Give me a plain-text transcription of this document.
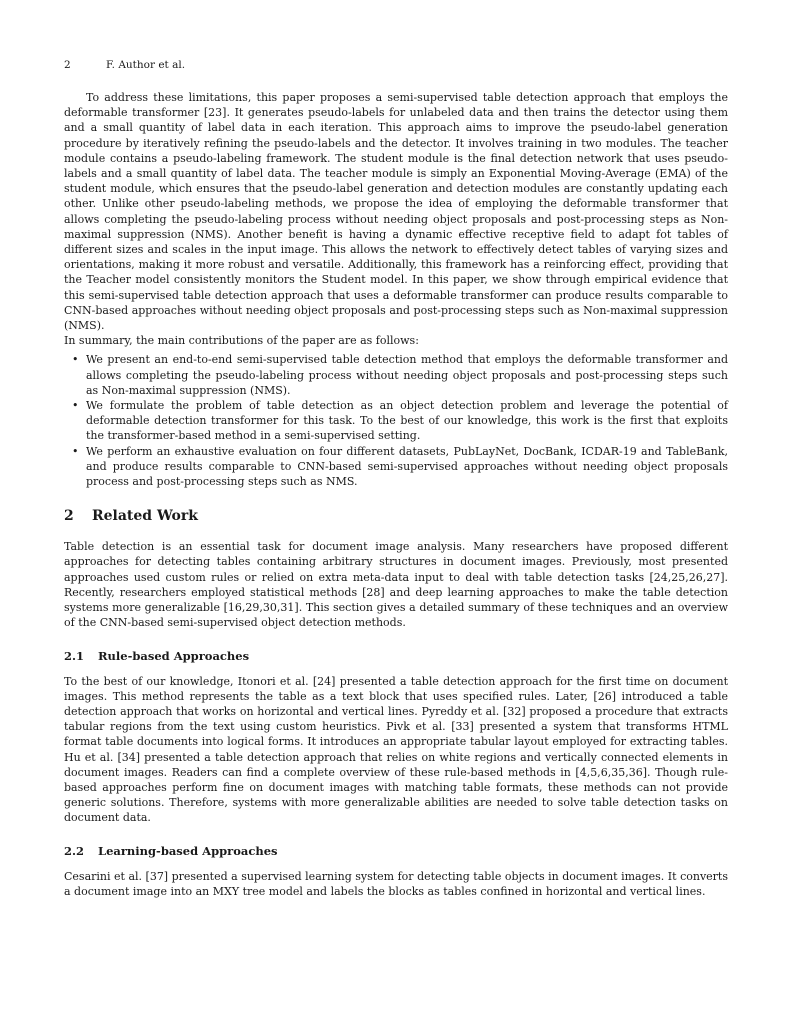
2	F. Author et al.

To address these limitations, this paper proposes a semi-supervised table detection approach that employs the deformable transformer [23]. It generates pseudo-labels for unlabeled data and then trains the detector using them and a small quantity of label data in each iteration. This approach aims to improve the pseudo-label generation procedure by iteratively refining the pseudo-labels and the detector. It involves training in two modules. The teacher module contains a pseudo-labeling framework. The student module is the final detection network that uses pseudo-labels and a small quantity of label data. The teacher module is simply an Exponential Moving-Average (EMA) of the student module, which ensures that the pseudo-label generation and detection modules are constantly updating each other. Unlike other pseudo-labeling methods, we propose the idea of employing the deformable transformer that allows completing the pseudo-labeling process without needing object proposals and post-processing steps as Non-maximal suppression (NMS). Another benefit is having a dynamic effective receptive field to adapt fot tables of different sizes and scales in the input image. This allows the network to effectively detect tables of varying sizes and orientations, making it more robust and versatile. Additionally, this framework has a reinforcing effect, providing that the Teacher model consistently monitors the Student model. In this paper, we show through empirical evidence that this semi-supervised table detection approach that uses a deformable transformer can produce results comparable to CNN-based approaches without needing object proposals and post-processing steps such as Non-maximal suppression (NMS).

In summary, the main contributions of the paper are as follows:

• We present an end-to-end semi-supervised table detection method that employs the deformable transformer and allows completing the pseudo-labeling process without needing object proposals and post-processing steps such as Non-maximal suppression (NMS).
• We formulate the problem of table detection as an object detection problem and leverage the potential of deformable detection transformer for this task. To the best of our knowledge, this work is the first that exploits the transformer-based method in a semi-supervised setting.
• We perform an exhaustive evaluation on four different datasets, PubLayNet, DocBank, ICDAR-19 and TableBank, and produce results comparable to CNN-based semi-supervised approaches without needing object proposals process and post-processing steps such as NMS.
2 Related Work

Table detection is an essential task for document image analysis. Many researchers have proposed different approaches for detecting tables containing arbitrary structures in document images. Previously, most presented approaches used custom rules or relied on extra meta-data input to deal with table detection tasks [24,25,26,27]. Recently, researchers employed statistical methods [28] and deep learning approaches to make the table detection systems more generalizable [16,29,30,31]. This section gives a detailed summary of these techniques and an overview of the CNN-based semi-supervised object detection methods.

2.1 Rule-based Approaches

To the best of our knowledge, Itonori et al. [24] presented a table detection approach for the first time on document images. This method represents the table as a text block that uses specified rules. Later, [26] introduced a table detection approach that works on horizontal and vertical lines. Pyreddy et al. [32] proposed a procedure that extracts tabular regions from the text using custom heuristics. Pivk et al. [33] presented a system that transforms HTML format table documents into logical forms. It introduces an appropriate tabular layout employed for extracting tables. Hu et al. [34] presented a table detection approach that relies on white regions and vertically connected elements in document images. Readers can find a complete overview of these rule-based methods in [4,5,6,35,36]. Though rule-based approaches perform fine on document images with matching table formats, these methods can not provide generic solutions. Therefore, systems with more generalizable abilities are needed to solve table detection tasks on document data.

2.2 Learning-based Approaches

Cesarini et al. [37] presented a supervised learning system for detecting table objects in document images. It converts a document image into an MXY tree model and labels the blocks as tables confined in horizontal and vertical lines.
